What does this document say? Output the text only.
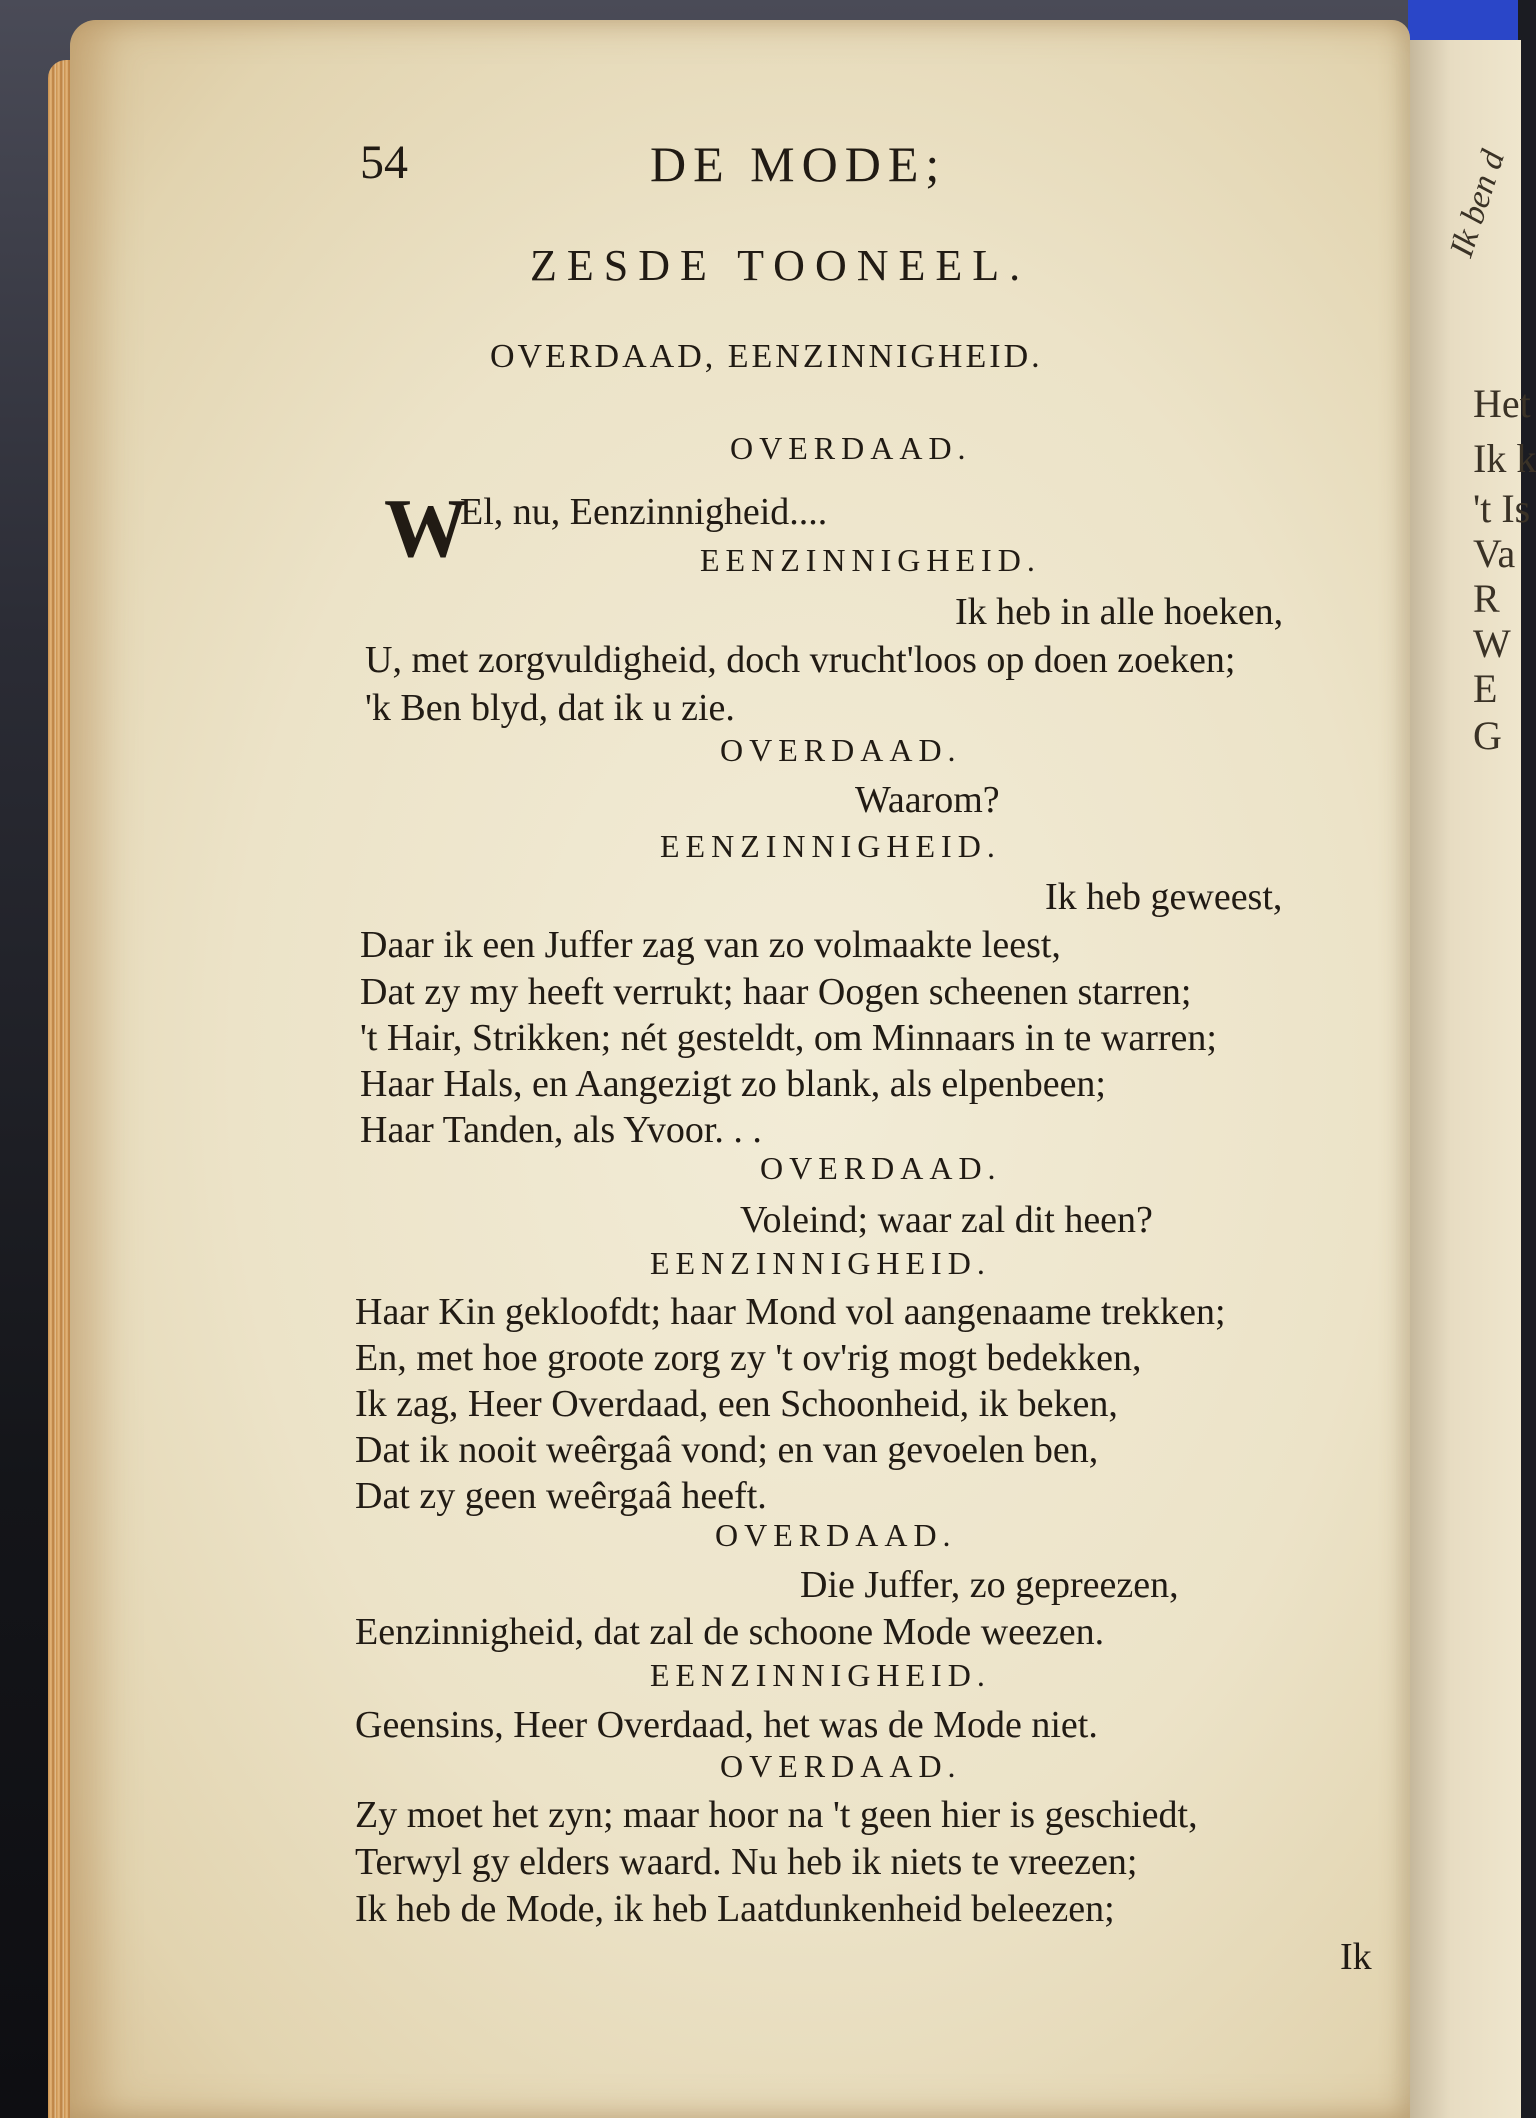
Ik ben d
Het
Ik k
't Is
Va
R
W
E
G
54	DE MODE;
ZESDE TOONEEL.
OVERDAAD, EENZINNIGHEID.
W
OVERDAAD.
El, nu, Eenzinnigheid....
EENZINNIGHEID.
Ik heb in alle hoeken,
U, met zorgvuldigheid, doch vrucht'loos op doen zoeken;
'k Ben blyd, dat ik u zie.
OVERDAAD.
Waarom?
EENZINNIGHEID.
Ik heb geweest,
Daar ik een Juffer zag van zo volmaakte leest,
Dat zy my heeft verrukt; haar Oogen scheenen starren;
't Hair, Strikken; nét gesteldt, om Minnaars in te warren;
Haar Hals, en Aangezigt zo blank, als elpenbeen;
Haar Tanden, als Yvoor. . .
OVERDAAD.
Voleind; waar zal dit heen?
EENZINNIGHEID.
Haar Kin gekloofdt; haar Mond vol aangenaame trekken;
En, met hoe groote zorg zy 't ov'rig mogt bedekken,
Ik zag, Heer Overdaad, een Schoonheid, ik beken,
Dat ik nooit weêrgaâ vond; en van gevoelen ben,
Dat zy geen weêrgaâ heeft.
OVERDAAD.
Die Juffer, zo gepreezen,
Eenzinnigheid, dat zal de schoone Mode weezen.
EENZINNIGHEID.
Geensins, Heer Overdaad, het was de Mode niet.
OVERDAAD.
Zy moet het zyn; maar hoor na 't geen hier is geschiedt,
Terwyl gy elders waard. Nu heb ik niets te vreezen;
Ik heb de Mode, ik heb Laatdunkenheid beleezen;
Ik
